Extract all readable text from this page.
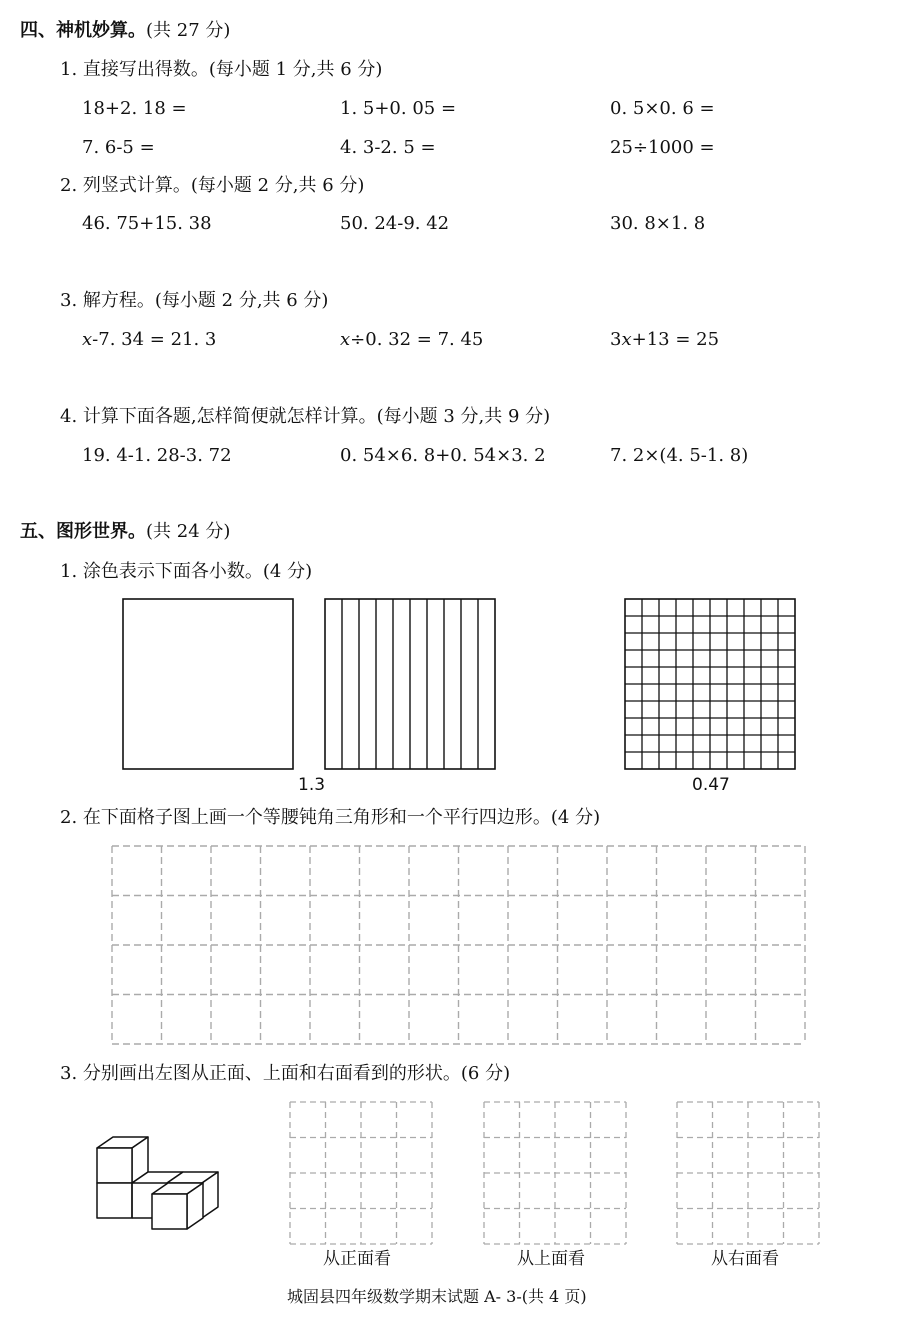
四、神机妙算。(共 27 分)
1. 直接写出得数。(每小题 1 分,共 6 分)
18+2. 18 =	1. 5+0. 05 =	0. 5×0. 6 =
7. 6-5 =	4. 3-2. 5 =	25÷1000 =
2. 列竖式计算。(每小题 2 分,共 6 分)
46. 75+15. 38	50. 24-9. 42	30. 8×1. 8
3. 解方程。(每小题 2 分,共 6 分)
x-7. 34 = 21. 3	x÷0. 32 = 7. 45	3x+13 = 25
4. 计算下面各题,怎样简便就怎样计算。(每小题 3 分,共 9 分)
19. 4-1. 28-3. 72	0. 54×6. 8+0. 54×3. 2	7. 2×(4. 5-1. 8)
五、图形世界。(共 24 分)
1. 涂色表示下面各小数。(4 分)
1.3	0.47
2. 在下面格子图上画一个等腰钝角三角形和一个平行四边形。(4 分)
3. 分别画出左图从正面、上面和右面看到的形状。(6 分)
从正面看	从上面看	从右面看
城固县四年级数学期末试题 A- 3-(共 4 页)
